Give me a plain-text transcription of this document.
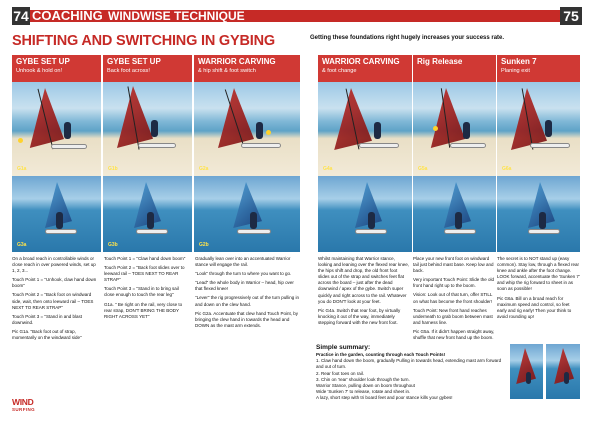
74 COACHING WINDWISE TECHNIQUE	75
SHIFTING AND SWITCHING IN GYBING	Getting these foundations right hugely increases your success rate.
GYBE SET UP
Unhook & hold on!
GYBE SET UP
Back foot across!
WARRIOR CARVING
& hip shift & foot switch
WARRIOR CARVING
& foot change
Rig Release	Sunken 7
Planing exit
G1a	G1b	G2a	G4a	G5a	G6a
G3a	G3b	G2b

On a broad reach in controllable winds or close reach in over powered winds, set up 1, 2, 3...

Touch Point 1 = "Unhook, claw hand down boom"

Touch Point 2 = "Back foot on windward side, wait, then onto leeward rail – TOES NEXT TO REAR STRAP"

Touch Point 3 = "Stand in and blast downwind.

Pic G1a. "Back foot out of strap, momentarily on the windward side"

Touch Point 1 = "Claw hand down boom"

Touch Point 2 = "Back foot slides over to leeward rail – TOES NEXT TO REAR STRAP"

Touch Point 3 = "Stand in to bring sail close enough to touch the rear leg"

G1a. " Be right on the rail, very close to rear strap, DON'T BRING THE BODY RIGHT ACROSS YET"

Gradually lean over into an accentuated Warrior stance will engage the rail.

"Look" through the turn to where you want to go.

"Lead" the whole body in Warrior – head, hip over that flexed knee!

"Lever" the rig progressively out of the turn pulling in and down on the clew hand.

Pic G2a. Accentuate that clew hand Touch Point, by bringing the clew hand in towards the head and DOWN as the mast arm extends.

Whilst maintaining that Warrior stance, looking and leaning over the flexed rear knee, the hips shift and drop, the old front foot slides out of the strap and switches feet flat across the board – just after the dead downwind / apex of the gybe. Switch super quickly and right across to the rail. Whatever you do DON'T look at your feet.

Pic G4a. Switch that rear foot, by virtually knocking it out of the way, immediately stepping forward with the new front foot.

Place your new front foot on windward tail just behind mast base. Keep low and back.

Very important Touch Point: Slide the old front hand right up to the boom.

Vision: Look out of that turn, offer STILL on what has become the front shoulder!

Touch Point: New front hand reaches underneath to grab boom between mast and harness line.

Pic G5a. If it didn't happen straight away, shuffle that new front hand up the boom.

The secret is to NOT stand up (easy common). Stay low, through a flexed rear knee and ankle after the foot change. LOOK forward, accentuate the 'Sunken 7' and whip the rig forward to sheet in as soon as possible!

Pic G6a. Bill on a broad reach for maximum speed and control, so feet early and rig early! Then your think to avoid rounding up!

Simple summary:

Practice in the garden, counting through each Touch Points!

1. Claw hand down the boom, gradually Pulling in towards head, extending mast arm forward and out of turn.

2. Rear foot toes on rail.

3. Chin on 'rear' shoulder look through the turn.

Warrior Stance, pulling down on boom throughout

Wide 'Sunken 7' to release, rotate and sheet in.

A lazy, short step with tri board feet and poor stance kills your gybes!

WIND
SURFING
